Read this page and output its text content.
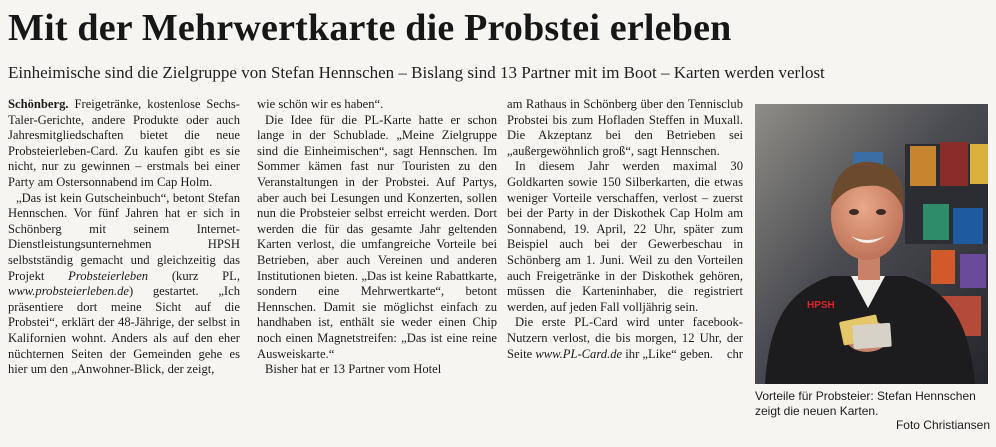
Mit der Mehrwertkarte die Probstei erleben
Einheimische sind die Zielgruppe von Stefan Hennschen – Bislang sind 13 Partner mit im Boot – Karten werden verlost

Schönberg. Freigetränke, kostenlose Sechs-Taler-Gerichte, andere Produkte oder auch Jahresmitgliedschaften bietet die neue Probsteierleben-Card. Zu kaufen gibt es sie nicht, nur zu gewinnen – erstmals bei einer Party am Ostersonnabend im Cap Holm.

„Das ist kein Gutscheinbuch“, betont Stefan Hennschen. Vor fünf Jahren hat er sich in Schönberg mit seinem Internet-Dienstleistungsunternehmen HPSH selbstständig gemacht und gleichzeitig das Projekt Probsteierleben (kurz PL, www.probsteierleben.de) gestartet. „Ich präsentiere dort meine Sicht auf die Probstei“, erklärt der 48-Jährige, der selbst in Kalifornien wohnt. Anders als auf den eher nüchternen Seiten der Gemeinden gehe es hier um den „Anwohner-Blick, der zeigt,

wie schön wir es haben“.

Die Idee für die PL-Karte hatte er schon lange in der Schublade. „Meine Zielgruppe sind die Einheimischen“, sagt Hennschen. Im Sommer kämen fast nur Touristen zu den Veranstaltungen in der Probstei. Auf Partys, aber auch bei Lesungen und Konzerten, sollen nun die Probsteier selbst erreicht werden. Dort werden die für das gesamte Jahr geltenden Karten verlost, die umfangreiche Vorteile bei Betrieben, aber auch Vereinen und anderen Institutionen bieten. „Das ist keine Rabattkarte, sondern eine Mehrwertkarte“, betont Hennschen. Damit sie möglichst einfach zu handhaben ist, enthält sie weder einen Chip noch einen Magnetstreifen: „Das ist eine reine Ausweiskarte.“

Bisher hat er 13 Partner vom Hotel

am Rathaus in Schönberg über den Tennisclub Probstei bis zum Hofladen Steffen in Muxall. Die Akzeptanz bei den Betrieben sei „außergewöhnlich groß“, sagt Hennschen.

In diesem Jahr werden maximal 30 Goldkarten sowie 150 Silberkarten, die etwas weniger Vorteile verschaffen, verlost – zuerst bei der Party in der Diskothek Cap Holm am Sonnabend, 19. April, 22 Uhr, später zum Beispiel auch bei der Gewerbeschau in Schönberg am 1. Juni. Weil zu den Vorteilen auch Freigetränke in der Diskothek gehören, müssen die Karteninhaber, die registriert werden, auf jeden Fall volljährig sein.

Die erste PL-Card wird unter facebook-Nutzern verlost, die bis morgen, 12 Uhr, der Seite www.PL-Card.de ihr „Like“ geben.	chr

HPSH
Vorteile für Probsteier: Stefan Hennschen zeigt die neuen Karten.
Foto Christiansen
